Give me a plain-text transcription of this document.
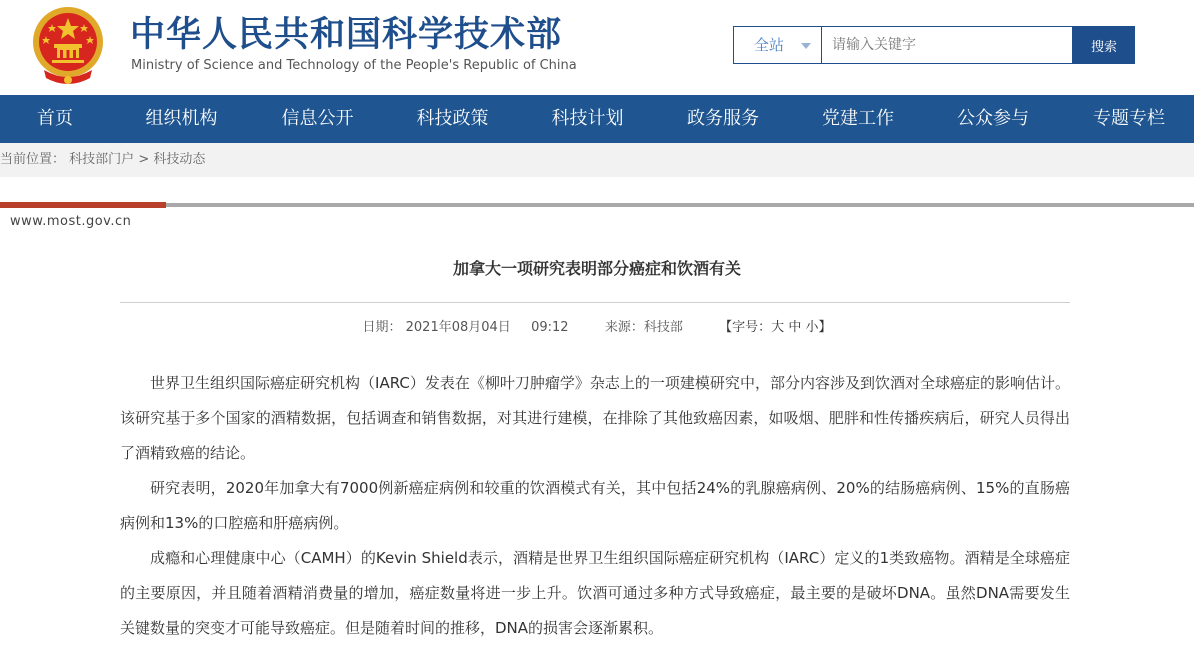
中华人民共和国科学技术部
Ministry of Science and Technology of the People's Republic of China
全站
请输入关键字	搜索
首页	组织机构	信息公开	科技政策	科技计划	政务服务	党建工作	公众参与	专题专栏
当前位置： 科技部门户 > 科技动态
www.most.gov.cn
加拿大一项研究表明部分癌症和饮酒有关
日期： 2021年08月04日 09:12	来源：科技部	【字号：大 中 小】

世界卫生组织国际癌症研究机构（IARC）发表在《柳叶刀肿瘤学》杂志上的一项建模研究中，部分内容涉及到饮酒对全球癌症的影响估计。该研究基于多个国家的酒精数据，包括调查和销售数据，对其进行建模，在排除了其他致癌因素，如吸烟、肥胖和性传播疾病后，研究人员得出了酒精致癌的结论。

研究表明，2020年加拿大有7000例新癌症病例和较重的饮酒模式有关，其中包括24%的乳腺癌病例、20%的结肠癌病例、15%的直肠癌病例和13%的口腔癌和肝癌病例。

成瘾和心理健康中心（CAMH）的Kevin Shield表示，酒精是世界卫生组织国际癌症研究机构（IARC）定义的1类致癌物。酒精是全球癌症的主要原因，并且随着酒精消费量的增加，癌症数量将进一步上升。饮酒可通过多种方式导致癌症，最主要的是破坏DNA。虽然DNA需要发生关键数量的突变才可能导致癌症。但是随着时间的推移，DNA的损害会逐渐累积。
